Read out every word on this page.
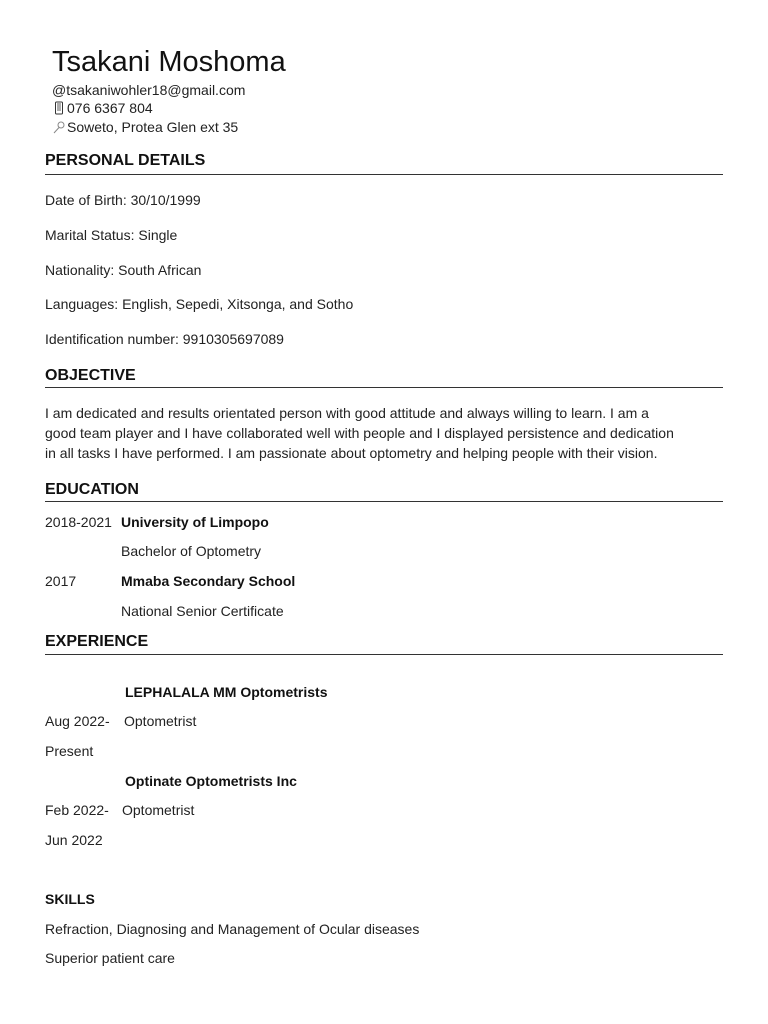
Tsakani Moshoma
@tsakaniwohler18@gmail.com
076 6367 804
Soweto, Protea Glen ext 35
PERSONAL DETAILS
Date of Birth: 30/10/1999
Marital Status: Single
Nationality: South African
Languages: English, Sepedi, Xitsonga, and Sotho
Identification number: 9910305697089
OBJECTIVE
I am dedicated and results orientated person with good attitude and always willing to learn. I am a
good team player and I have collaborated well with people and I displayed persistence and dedication
in all tasks I have performed. I am passionate about optometry and helping people with their vision.
EDUCATION
2018-2021 University of Limpopo
Bachelor of Optometry
2017	Mmaba Secondary School
National Senior Certificate
EXPERIENCE
LEPHALALA MM Optometrists
Aug 2022- Optometrist
Present
Optinate Optometrists Inc
Feb 2022- Optometrist
Jun 2022
SKILLS
Refraction, Diagnosing and Management of Ocular diseases
Superior patient care
